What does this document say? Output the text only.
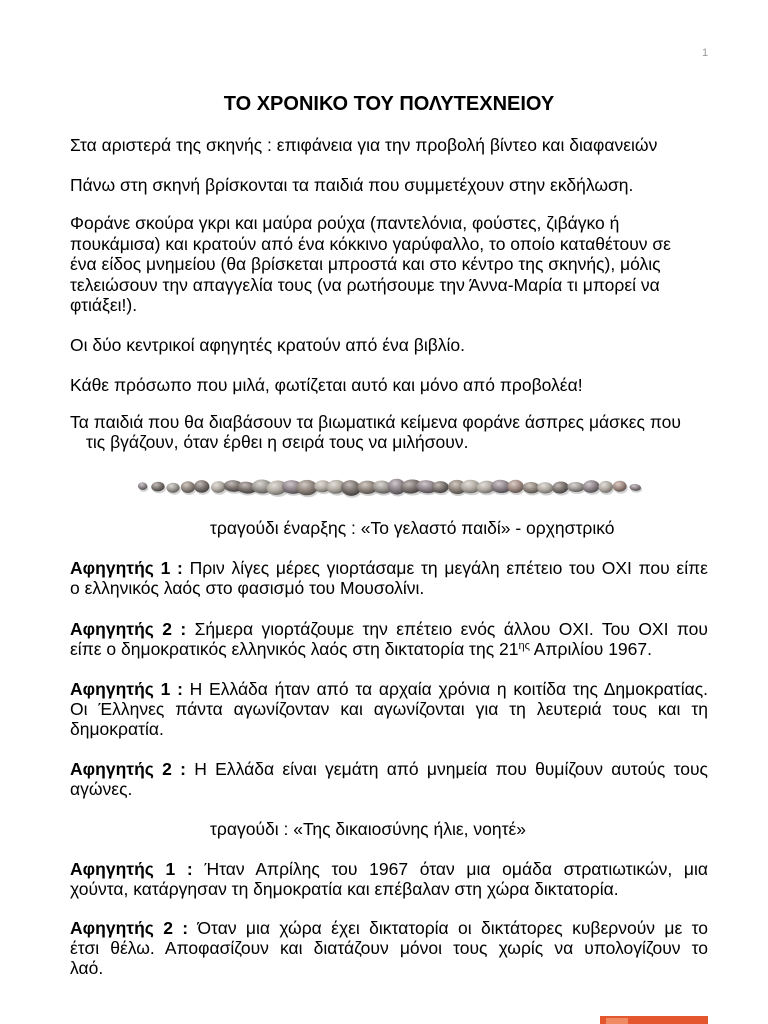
1
ΤΟ ΧΡΟΝΙΚΟ ΤΟΥ ΠΟΛΥΤΕΧΝΕΙΟΥ
Στα αριστερά της σκηνής : επιφάνεια για την προβολή βίντεο και διαφανειών
Πάνω στη σκηνή βρίσκονται τα παιδιά που συμμετέχουν στην εκδήλωση.
Φοράνε σκούρα γκρι και μαύρα ρούχα (παντελόνια, φούστες, ζιβάγκο ή
πουκάμισα) και κρατούν από ένα κόκκινο γαρύφαλλο, το οποίο καταθέτουν σε
ένα είδος μνημείου (θα βρίσκεται μπροστά και στο κέντρο της σκηνής), μόλις
τελειώσουν την απαγγελία τους (να ρωτήσουμε την Άννα-Μαρία τι μπορεί να
φτιάξει!).
Οι δύο κεντρικοί αφηγητές κρατούν από ένα βιβλίο.
Κάθε πρόσωπο που μιλά, φωτίζεται αυτό και μόνο από προβολέα!
Τα παιδιά που θα διαβάσουν τα βιωματικά κείμενα φοράνε άσπρες μάσκες που
τις βγάζουν, όταν έρθει η σειρά τους να μιλήσουν.
τραγούδι έναρξης : «Το γελαστό παιδί» - ορχηστρικό
Αφηγητής 1 : Πριν λίγες μέρες γιορτάσαμε τη μεγάλη επέτειο του ΟΧΙ που είπε
ο ελληνικός λαός στο φασισμό του Μουσολίνι.
Αφηγητής 2 : Σήμερα γιορτάζουμε την επέτειο ενός άλλου ΟΧΙ. Του ΟΧΙ που
είπε ο δημοκρατικός ελληνικός λαός στη δικτατορία της $21^{\eta\varsigma}$ Απριλίου 1967.
Αφηγητής 1 : Η Ελλάδα ήταν από τα αρχαία χρόνια η κοιτίδα της Δημοκρατίας.
Οι Έλληνες πάντα αγωνίζονταν και αγωνίζονται για τη λευτεριά τους και τη
δημοκρατία.
Αφηγητής 2 : Η Ελλάδα είναι γεμάτη από μνημεία που θυμίζουν αυτούς τους
αγώνες.
τραγούδι : «Της δικαιοσύνης ήλιε, νοητέ»
Αφηγητής 1 : Ήταν Απρίλης του 1967 όταν μια ομάδα στρατιωτικών, μια
χούντα, κατάργησαν τη δημοκρατία και επέβαλαν στη χώρα δικτατορία.
Αφηγητής 2 : Όταν μια χώρα έχει δικτατορία οι δικτάτορες κυβερνούν με το
έτσι θέλω. Αποφασίζουν και διατάζουν μόνοι τους χωρίς να υπολογίζουν το
λαό.
